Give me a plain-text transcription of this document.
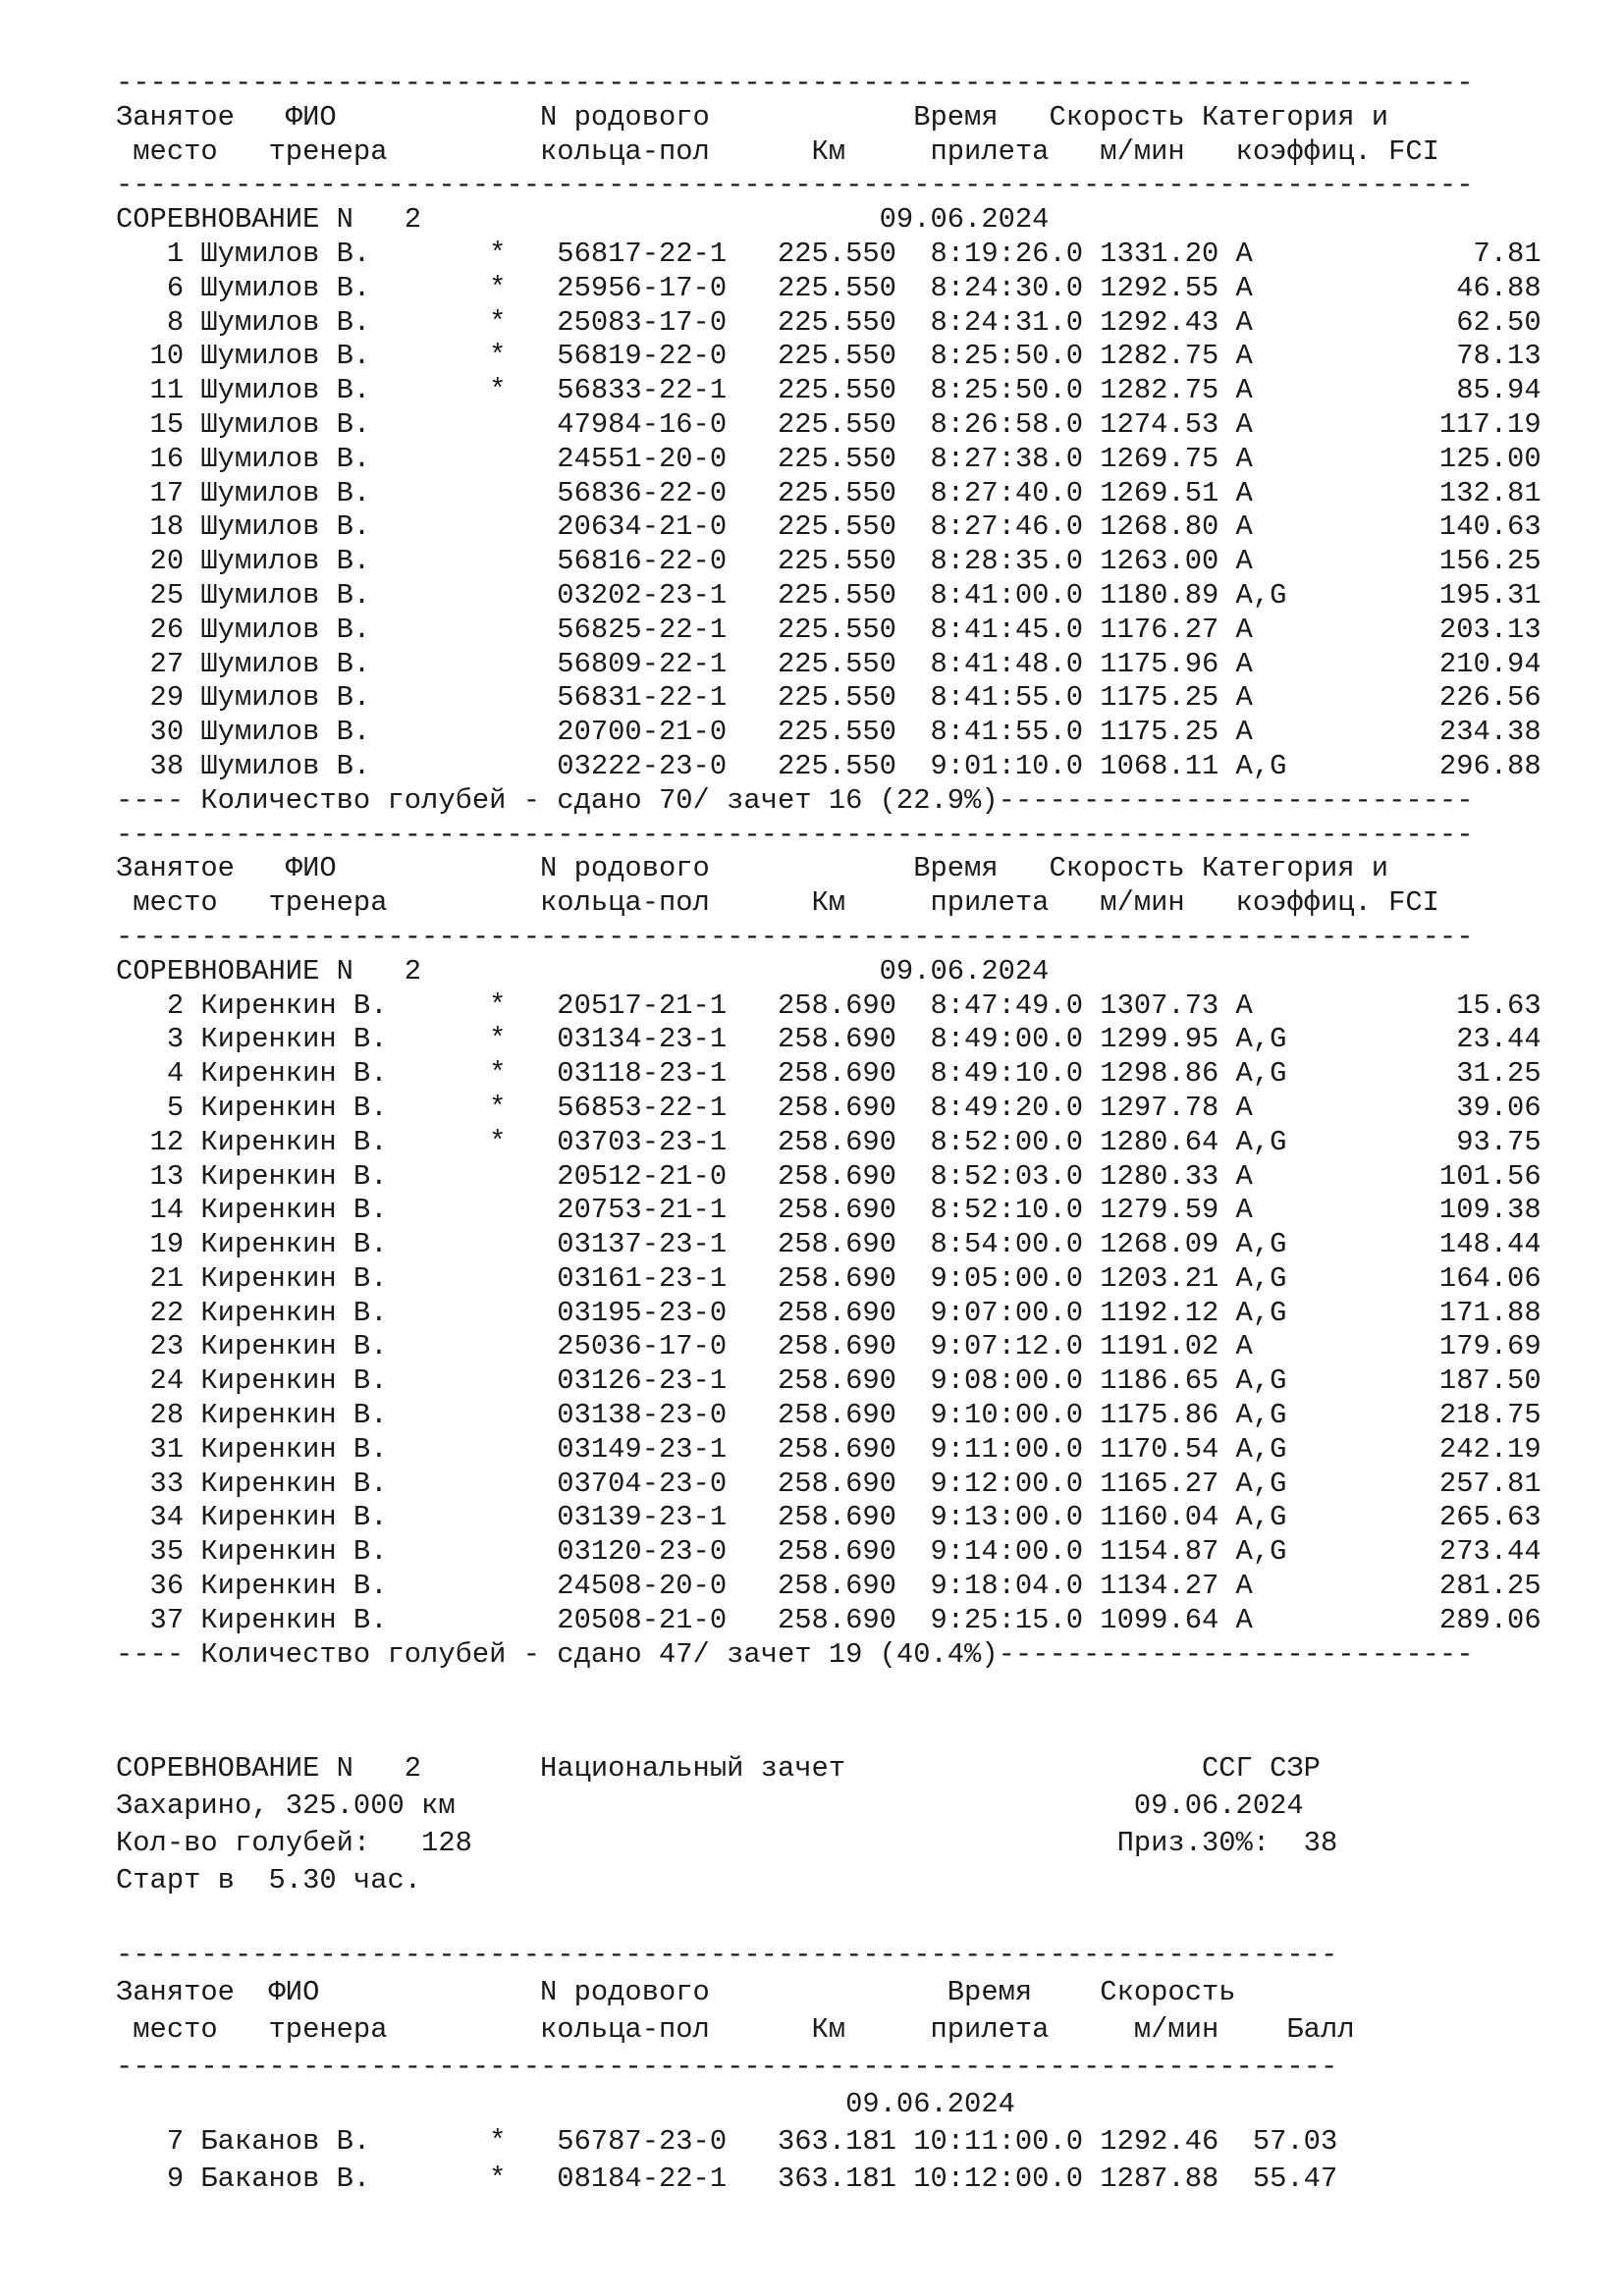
--------------------------------------------------------------------------------
Занятое   ФИО            N родового            Время   Скорость Категория и
место   тренера         кольца-пол      Км     прилета   м/мин   коэффиц. FCI
--------------------------------------------------------------------------------
СОРЕВНОВАНИЕ N   2                           09.06.2024
1 Шумилов В.       *   56817-22-1   225.550  8:19:26.0 1331.20 A             7.81
6 Шумилов В.       *   25956-17-0   225.550  8:24:30.0 1292.55 A            46.88
8 Шумилов В.       *   25083-17-0   225.550  8:24:31.0 1292.43 A            62.50
10 Шумилов В.       *   56819-22-0   225.550  8:25:50.0 1282.75 A            78.13
11 Шумилов В.       *   56833-22-1   225.550  8:25:50.0 1282.75 A            85.94
15 Шумилов В.           47984-16-0   225.550  8:26:58.0 1274.53 A           117.19
16 Шумилов В.           24551-20-0   225.550  8:27:38.0 1269.75 A           125.00
17 Шумилов В.           56836-22-0   225.550  8:27:40.0 1269.51 A           132.81
18 Шумилов В.           20634-21-0   225.550  8:27:46.0 1268.80 A           140.63
20 Шумилов В.           56816-22-0   225.550  8:28:35.0 1263.00 A           156.25
25 Шумилов В.           03202-23-1   225.550  8:41:00.0 1180.89 A,G         195.31
26 Шумилов В.           56825-22-1   225.550  8:41:45.0 1176.27 A           203.13
27 Шумилов В.           56809-22-1   225.550  8:41:48.0 1175.96 A           210.94
29 Шумилов В.           56831-22-1   225.550  8:41:55.0 1175.25 A           226.56
30 Шумилов В.           20700-21-0   225.550  8:41:55.0 1175.25 A           234.38
38 Шумилов В.           03222-23-0   225.550  9:01:10.0 1068.11 A,G         296.88
---- Количество голубей - сдано 70/ зачет 16 (22.9%)----------------------------
--------------------------------------------------------------------------------
Занятое   ФИО            N родового            Время   Скорость Категория и
место   тренера         кольца-пол      Км     прилета   м/мин   коэффиц. FCI
--------------------------------------------------------------------------------
СОРЕВНОВАНИЕ N   2                           09.06.2024
2 Киренкин В.      *   20517-21-1   258.690  8:47:49.0 1307.73 A            15.63
3 Киренкин В.      *   03134-23-1   258.690  8:49:00.0 1299.95 A,G          23.44
4 Киренкин В.      *   03118-23-1   258.690  8:49:10.0 1298.86 A,G          31.25
5 Киренкин В.      *   56853-22-1   258.690  8:49:20.0 1297.78 A            39.06
12 Киренкин В.      *   03703-23-1   258.690  8:52:00.0 1280.64 A,G          93.75
13 Киренкин В.          20512-21-0   258.690  8:52:03.0 1280.33 A           101.56
14 Киренкин В.          20753-21-1   258.690  8:52:10.0 1279.59 A           109.38
19 Киренкин В.          03137-23-1   258.690  8:54:00.0 1268.09 A,G         148.44
21 Киренкин В.          03161-23-1   258.690  9:05:00.0 1203.21 A,G         164.06
22 Киренкин В.          03195-23-0   258.690  9:07:00.0 1192.12 A,G         171.88
23 Киренкин В.          25036-17-0   258.690  9:07:12.0 1191.02 A           179.69
24 Киренкин В.          03126-23-1   258.690  9:08:00.0 1186.65 A,G         187.50
28 Киренкин В.          03138-23-0   258.690  9:10:00.0 1175.86 A,G         218.75
31 Киренкин В.          03149-23-1   258.690  9:11:00.0 1170.54 A,G         242.19
33 Киренкин В.          03704-23-0   258.690  9:12:00.0 1165.27 A,G         257.81
34 Киренкин В.          03139-23-1   258.690  9:13:00.0 1160.04 A,G         265.63
35 Киренкин В.          03120-23-0   258.690  9:14:00.0 1154.87 A,G         273.44
36 Киренкин В.          24508-20-0   258.690  9:18:04.0 1134.27 A           281.25
37 Киренкин В.          20508-21-0   258.690  9:25:15.0 1099.64 A           289.06
---- Количество голубей - сдано 47/ зачет 19 (40.4%)----------------------------
СОРЕВНОВАНИЕ N   2       Национальный зачет                     ССГ СЗР
Захарино, 325.000 км                                        09.06.2024
Кол-во голубей:   128                                      Приз.30%:  38
Старт в  5.30 час.
------------------------------------------------------------------------
Занятое  ФИО             N родового              Время    Скорость
место   тренера         кольца-пол      Км     прилета     м/мин    Балл
------------------------------------------------------------------------
09.06.2024
7 Баканов В.       *   56787-23-0   363.181 10:11:00.0 1292.46  57.03
9 Баканов В.       *   08184-22-1   363.181 10:12:00.0 1287.88  55.47
